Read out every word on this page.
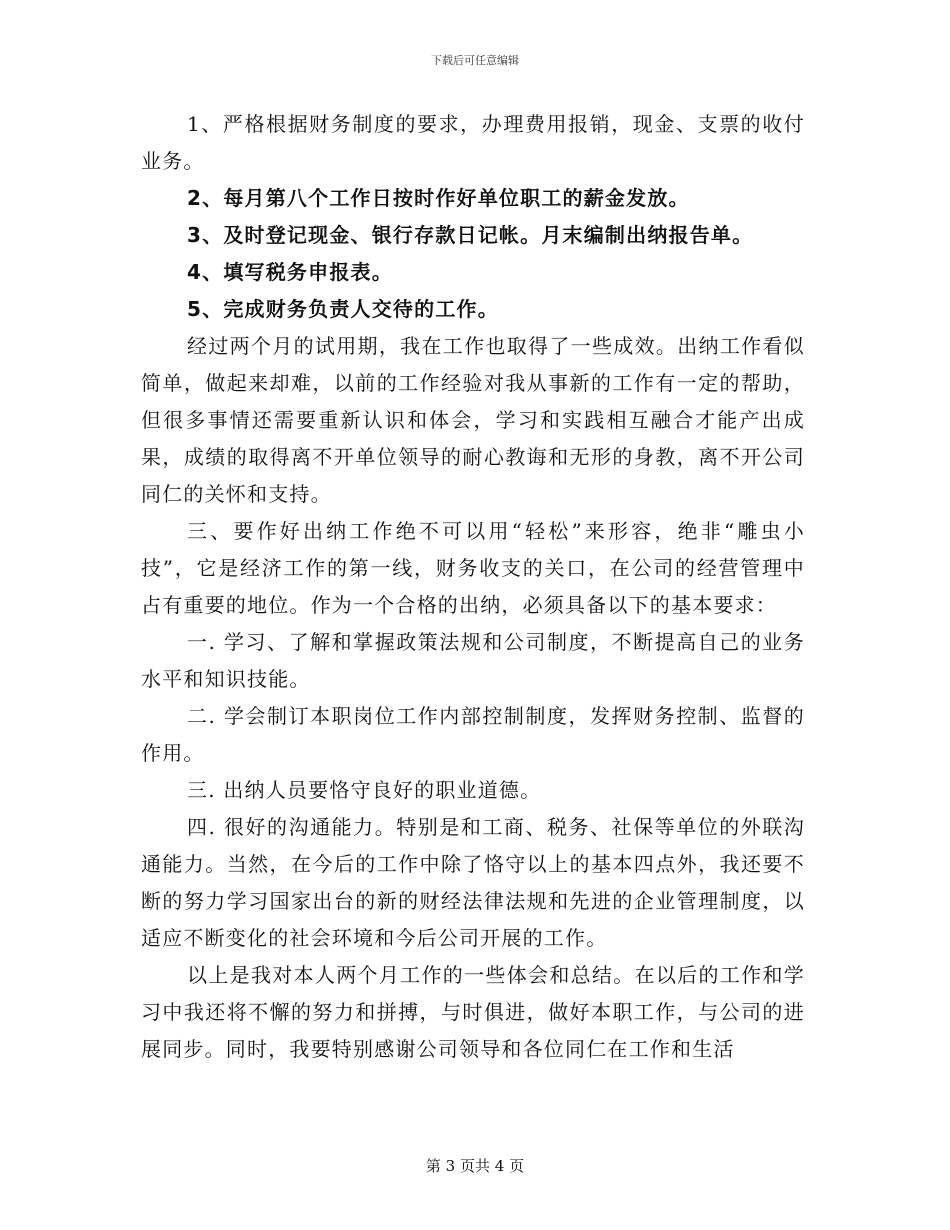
下载后可任意编辑

1、严格根据财务制度的要求，办理费用报销，现金、支票的收付业务。

2、每月第八个工作日按时作好单位职工的薪金发放。

3、及时登记现金、银行存款日记帐。月末编制出纳报告单。

4、填写税务申报表。

5、完成财务负责人交待的工作。

经过两个月的试用期，我在工作也取得了一些成效。出纳工作看似简单，做起来却难，以前的工作经验对我从事新的工作有一定的帮助，但很多事情还需要重新认识和体会，学习和实践相互融合才能产出成果，成绩的取得离不开单位领导的耐心教诲和无形的身教，离不开公司同仁的关怀和支持。

三、要作好出纳工作绝不可以用“轻松”来形容，绝非“雕虫小技”，它是经济工作的第一线，财务收支的关口，在公司的经营管理中占有重要的地位。作为一个合格的出纳，必须具备以下的基本要求：

一. 学习、了解和掌握政策法规和公司制度，不断提高自己的业务水平和知识技能。

二. 学会制订本职岗位工作内部控制制度，发挥财务控制、监督的作用。

三. 出纳人员要恪守良好的职业道德。

四. 很好的沟通能力。特别是和工商、税务、社保等单位的外联沟通能力。当然，在今后的工作中除了恪守以上的基本四点外，我还要不断的努力学习国家出台的新的财经法律法规和先进的企业管理制度，以适应不断变化的社会环境和今后公司开展的工作。

以上是我对本人两个月工作的一些体会和总结。在以后的工作和学习中我还将不懈的努力和拼搏，与时俱进，做好本职工作，与公司的进展同步。同时，我要特别感谢公司领导和各位同仁在工作和生活

第 3 页共 4 页
